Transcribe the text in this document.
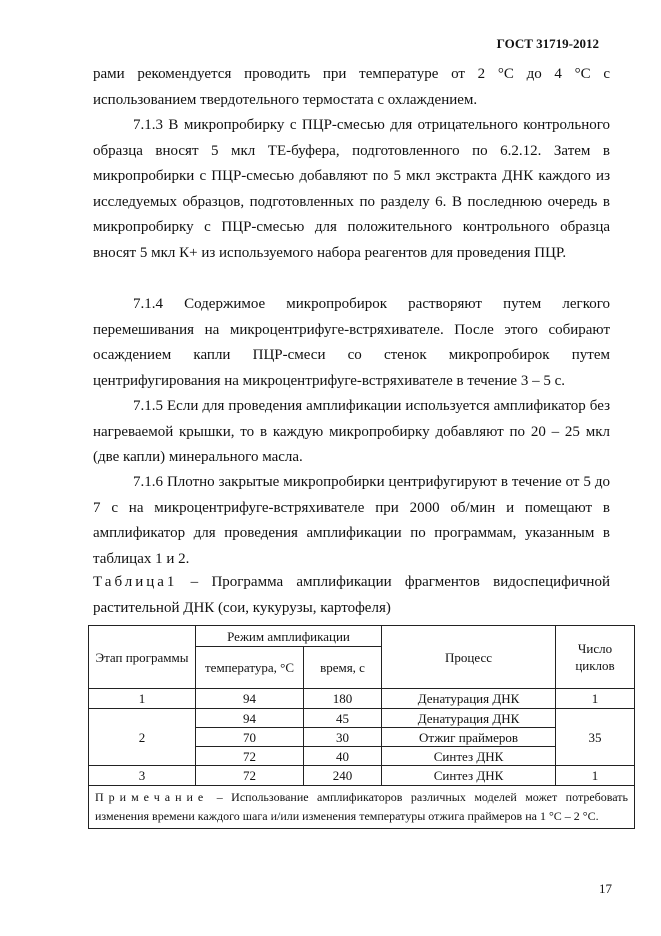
ГОСТ 31719-2012

рами рекомендуется проводить при температуре от 2 °С до 4 °С с использованием твердотельного термостата с охлаждением.

7.1.3 В микропробирку с ПЦР-смесью для отрицательного контрольного образца вносят 5 мкл ТЕ-буфера, подготовленного по 6.2.12. Затем в микропробирки с ПЦР-смесью добавляют по 5 мкл экстракта ДНК каждого из исследуемых образцов, подготовленных по разделу 6. В последнюю очередь в микропробирку с ПЦР-смесью для положительного контрольного образца вносят 5 мкл К+ из используемого набора реагентов для проведения ПЦР.

7.1.4 Содержимое микропробирок растворяют путем легкого перемешивания на микроцентрифуге-встряхивателе. После этого собирают осаждением капли ПЦР-смеси со стенок микропробирок путем центрифугирования на микроцентрифуге-встряхивателе в течение 3 – 5 с.

7.1.5 Если для проведения амплификации используется амплификатор без нагреваемой крышки, то в каждую микропробирку добавляют по 20 – 25 мкл (две капли) минерального масла.

7.1.6 Плотно закрытые микропробирки центрифугируют в течение от 5 до 7 с на микроцентрифуге-встряхивателе при 2000 об/мин и помещают в амплификатор для проведения амплификации по программам, указанным в таблицах 1 и 2.

Таблица1 – Программа амплификации фрагментов видоспецифичной растительной ДНК (сои, кукурузы, картофеля)

Этап программы	Режим амплификации		Процесс	Число циклов
	температура, °С	время, с		
1	94	180	Денатурация ДНК	1
2	94	45	Денатурация ДНК	35
	70	30	Отжиг праймеров	
	72	40	Синтез ДНК	
3	72	240	Синтез ДНК	1
Примечание – Использование амплификаторов различных моделей может потребовать изменения времени каждого шага и/или изменения температуры отжига праймеров на 1 °С – 2 °С.				
17
